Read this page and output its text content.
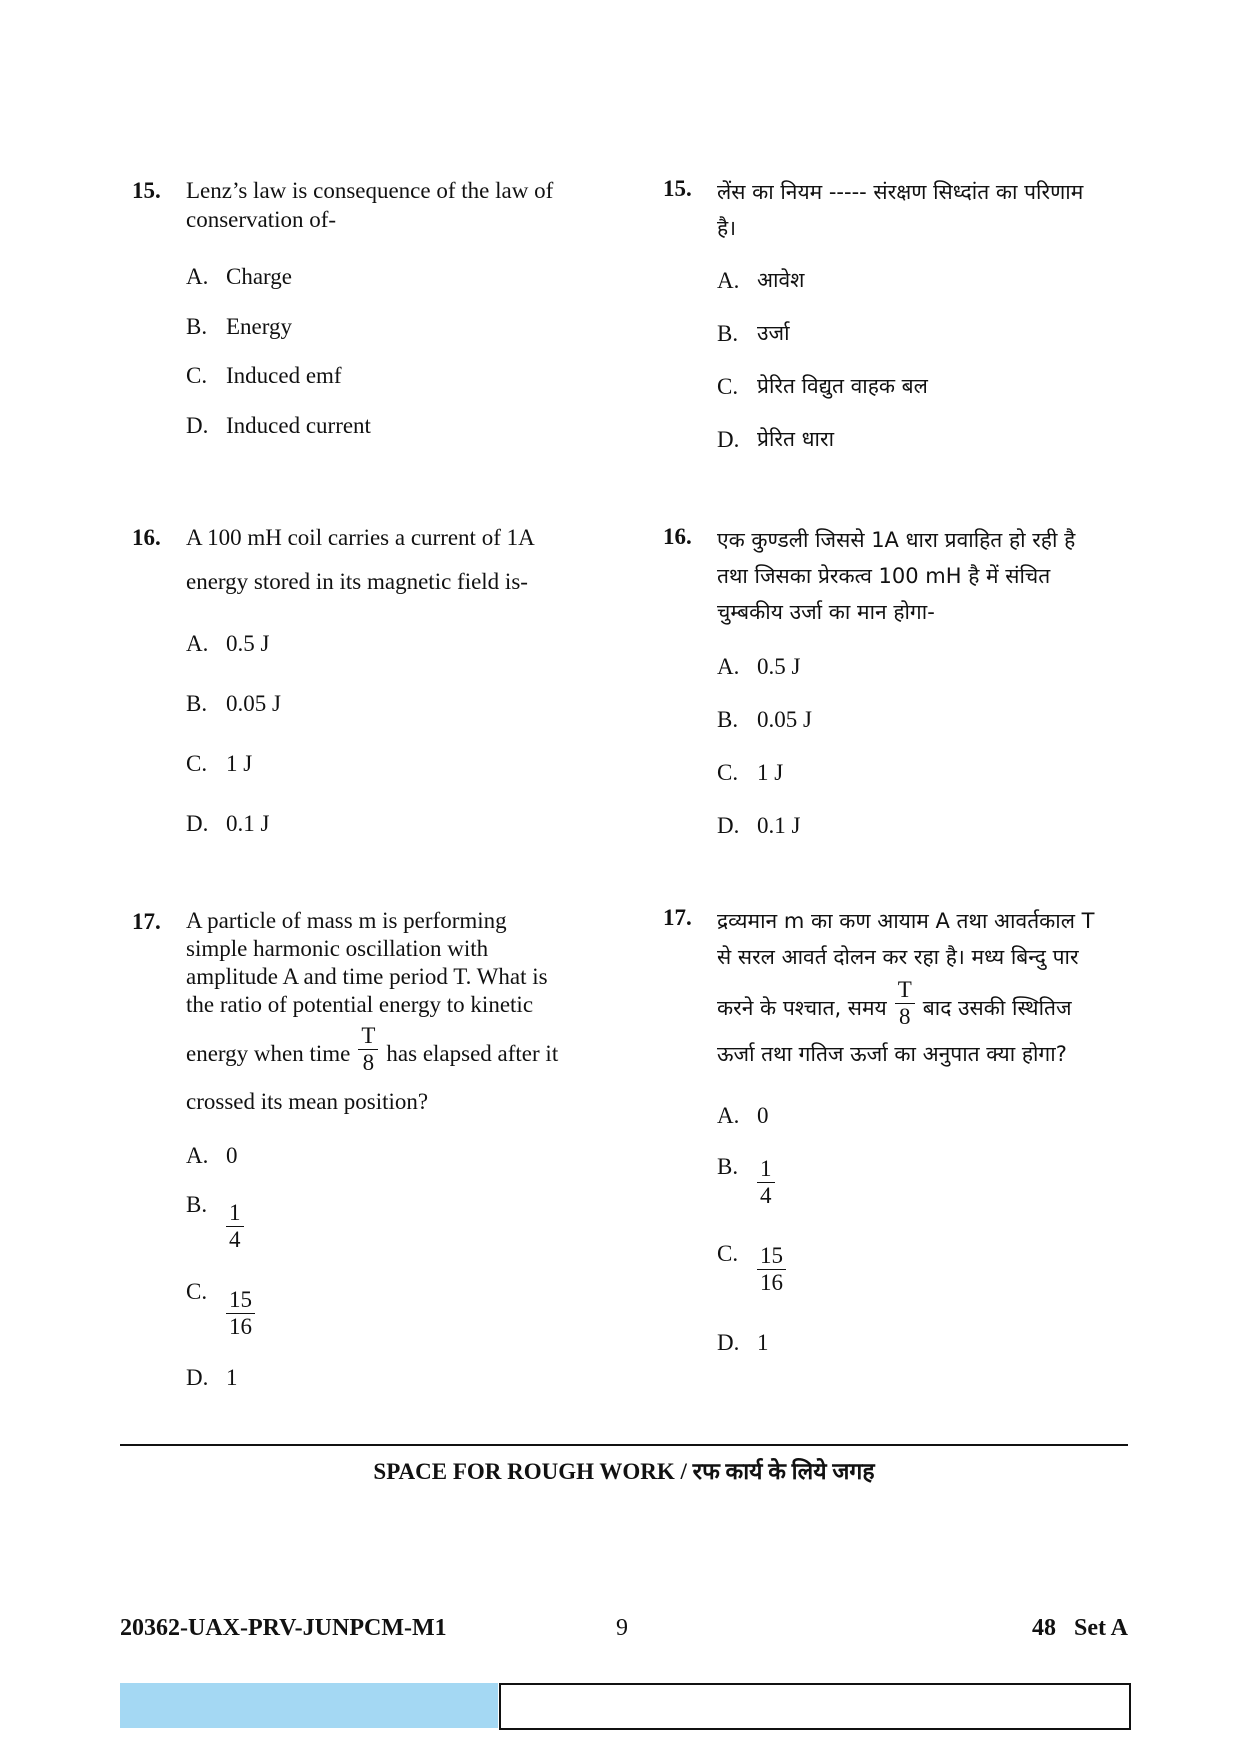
15. Lenz’s law is consequence of the law of
conservation of-
A. Charge
B. Energy
C. Induced emf
D. Induced current
16. A 100 mH coil carries a current of 1A
energy stored in its magnetic field is-
A. 0.5 J
B. 0.05 J
C. 1 J
D. 0.1 J
17. A particle of mass m is performing
simple harmonic oscillation with
amplitude A and time period T. What is
the ratio of potential energy to kinetic
energy when time $\frac{T}{8}$ has elapsed after it
crossed its mean position?
A. 0
B. $\frac{1}{4}$
C. $\frac{15}{16}$
D. 1
15. लेंस का नियम ----- संरक्षण सिध्दांत का परिणाम
है।
A. आवेश
B. उर्जा
C. प्रेरित विद्युत वाहक बल
D. प्रेरित धारा
16. एक कुण्डली जिससे 1A धारा प्रवाहित हो रही है
तथा जिसका प्रेरकत्व 100 mH है में संचित
चुम्बकीय उर्जा का मान होगा-
A. 0.5 J
B. 0.05 J
C. 1 J
D. 0.1 J
17. द्रव्यमान m का कण आयाम A तथा आवर्तकाल T
से सरल आवर्त दोलन कर रहा है। मध्य बिन्दु पार
करने के पश्चात, समय $\frac{T}{8}$ बाद उसकी स्थितिज
ऊर्जा तथा गतिज ऊर्जा का अनुपात क्या होगा?
A. 0
B. $\frac{1}{4}$
C. $\frac{15}{16}$
D. 1
SPACE FOR ROUGH WORK / रफ कार्य के लिये जगह
20362-UAX-PRV-JUNPCM-M1	9	48   Set A
